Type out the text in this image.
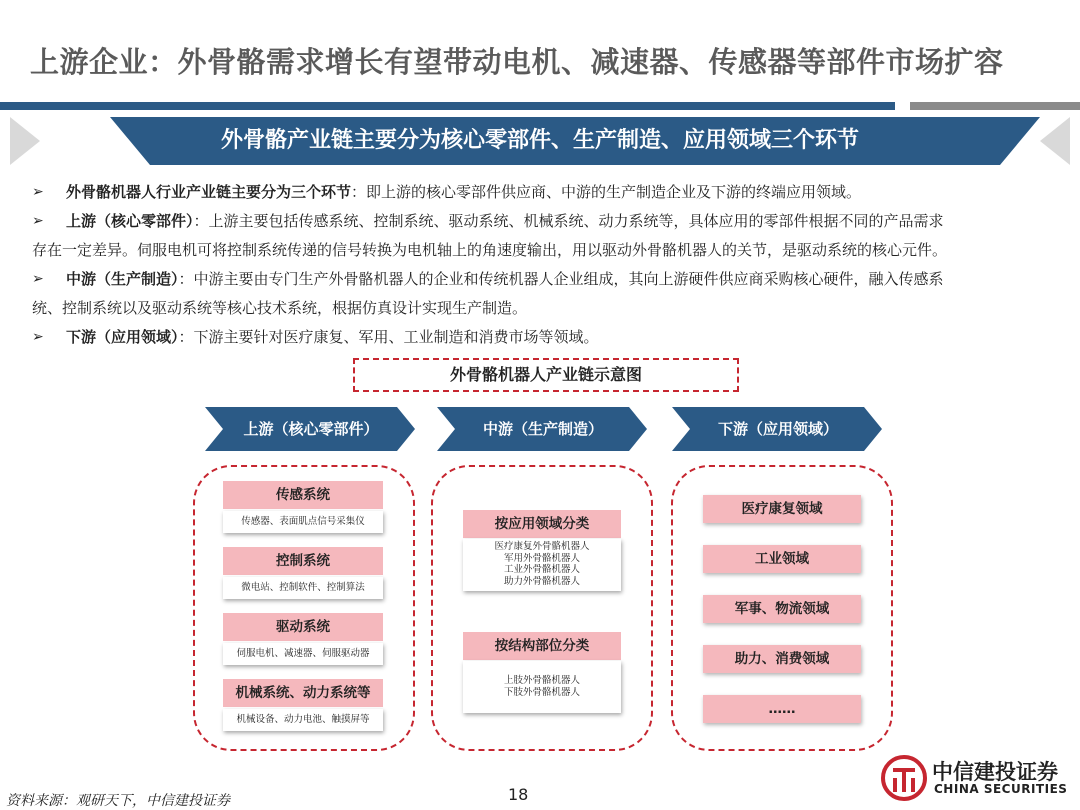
上游企业：外骨骼需求增长有望带动电机、减速器、传感器等部件市场扩容
外骨骼产业链主要分为核心零部件、生产制造、应用领域三个环节
➢ 外骨骼机器人行业产业链主要分为三个环节：即上游的核心零部件供应商、中游的生产制造企业及下游的终端应用领域。
➢ 上游（核心零部件）：上游主要包括传感系统、控制系统、驱动系统、机械系统、动力系统等，具体应用的零部件根据不同的产品需求
存在一定差异。伺服电机可将控制系统传递的信号转换为电机轴上的角速度输出，用以驱动外骨骼机器人的关节，是驱动系统的核心元件。
➢ 中游（生产制造）：中游主要由专门生产外骨骼机器人的企业和传统机器人企业组成，其向上游硬件供应商采购核心硬件，融入传感系
统、控制系统以及驱动系统等核心技术系统，根据仿真设计实现生产制造。
➢ 下游（应用领域）：下游主要针对医疗康复、军用、工业制造和消费市场等领域。
外骨骼机器人产业链示意图
上游（核心零部件）	中游（生产制造）	下游（应用领域）
传感系统
传感器、表面肌点信号采集仪
控制系统
微电站、控制软件、控制算法
驱动系统
伺服电机、减速器、伺服驱动器
机械系统、动力系统等
机械设备、动力电池、触摸屏等
按应用领域分类
医疗康复外骨骼机器人
军用外骨骼机器人
工业外骨骼机器人
助力外骨骼机器人
按结构部位分类
上肢外骨骼机器人
下肢外骨骼机器人
医疗康复领域
工业领域
军事、物流领域
助力、消费领域
……
资料来源：观研天下，中信建投证券	18
中信建投证券
CHINA SECURITIES
